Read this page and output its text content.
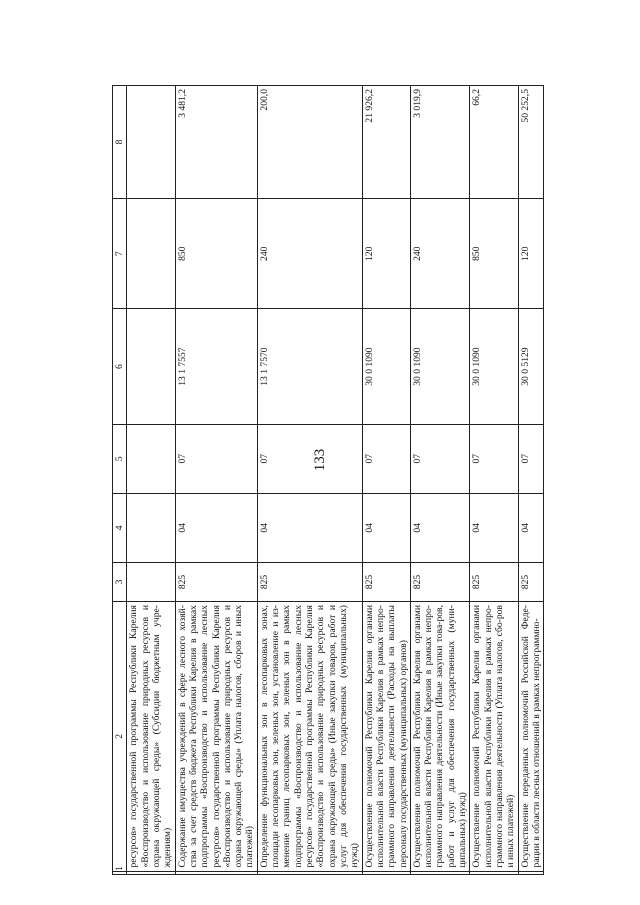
133
1	2	3	4	5	6	7	8
	ресурсов» государственной программы Республики Карелия «Воспроизводство и использование природных ресурсов и охрана окружающей среды» (Субсидии бюджетным учре-ждениям)						
	Содержание имущества учреждений в сфере лесного хозяй-ства за счет средств бюджета Республики Карелия в рамках подпрограммы «Воспроизводство и использование лесных ресурсов» государственной программы Республики Карелия «Воспроизводство и использование природных ресурсов и охрана окружающей среды» (Уплата налогов, сборов и иных платежей)	825	04	07	13 1 7557	850	3 481,2
	Определение функциональных зон в лесопарковых зонах, площади лесопарковых зон, зеленых зон, установление и из-менение границ лесопарковых зон, зеленых зон в рамках подпрограммы «Воспроизводство и использование лесных ресурсов» государственной программы Республики Карелия «Воспроизводство и использование природных ресурсов и охрана окружающей среды» (Иные закупки товаров, работ и услуг для обеспечения государственных (муниципальных) нужд)	825	04	07	13 1 7570	240	200,0
	Осуществление полномочий Республики Карелия органами исполнительной власти Республики Карелия в рамках непро-граммного направления деятельности (Расходы на выплаты персоналу государственных (муниципальных) органов)	825	04	07	30 0 1090	120	21 926,2
	Осуществление полномочий Республики Карелия органами исполнительной власти Республики Карелия в рамках непро-граммного направления деятельности (Иные закупки това-ров, работ и услуг для обеспечения государственных (муни-ципальных) нужд)	825	04	07	30 0 1090	240	3 019,9
	Осуществление полномочий Республики Карелия органами исполнительной власти Республики Карелия в рамках непро-граммного направления деятельности (Уплата налогов, сбо-ров и иных платежей)	825	04	07	30 0 1090	850	66,2
	Осуществление переданных полномочий Российской Феде-рации в области лесных отношений в рамках непрограммно-	825	04	07	30 0 5129	120	50 252,5
